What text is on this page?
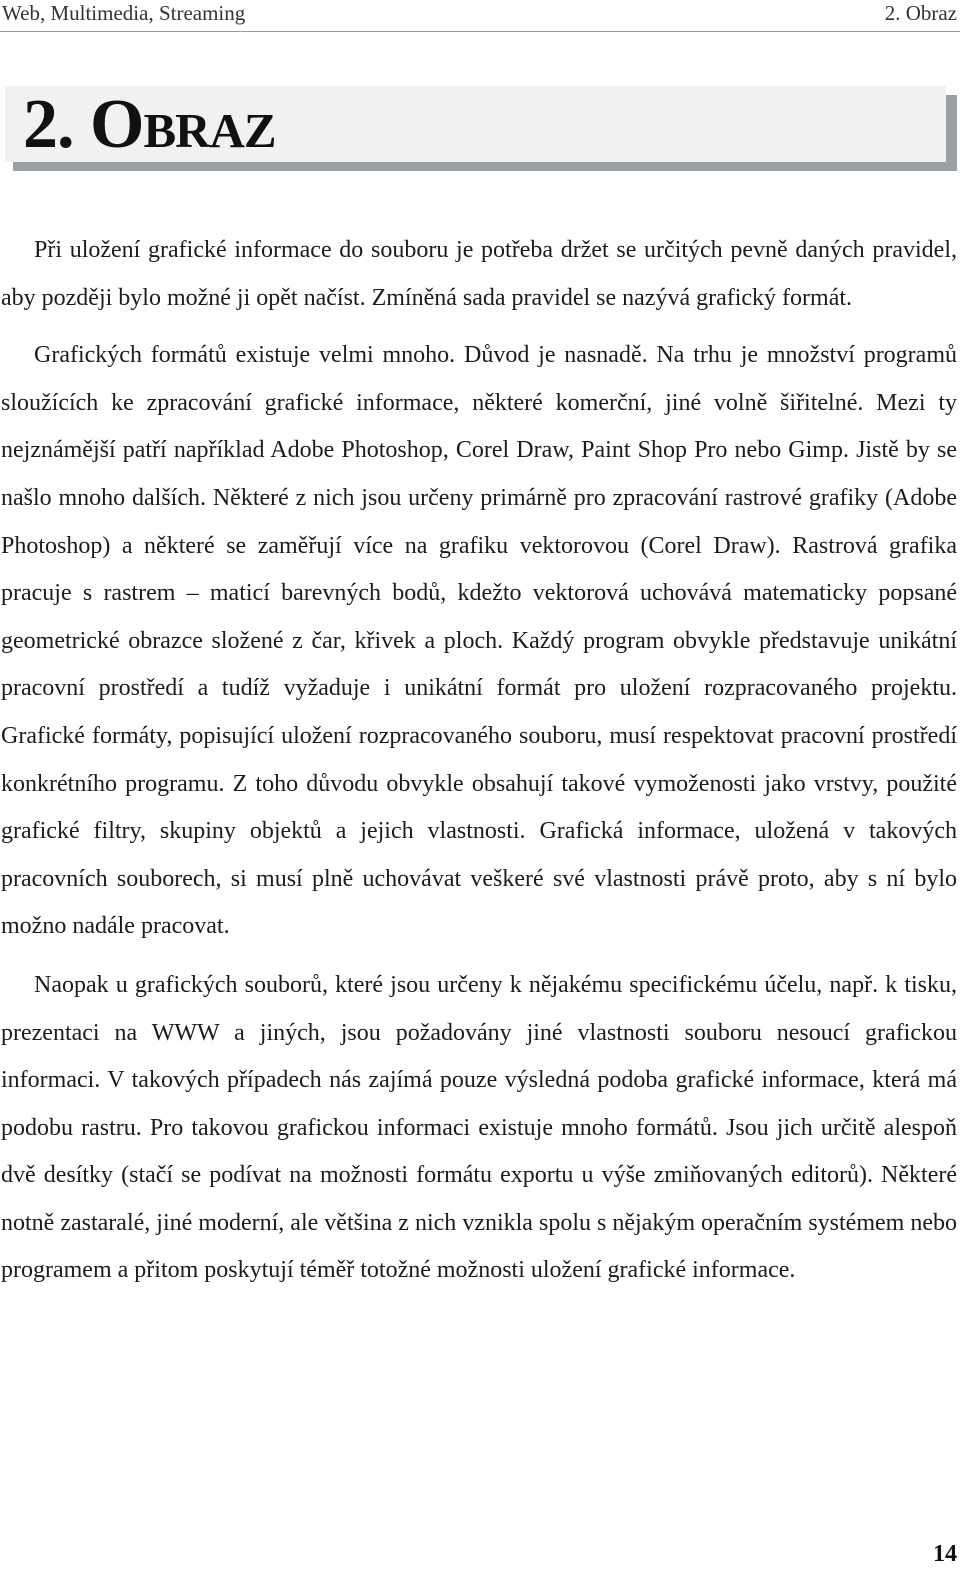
Web, Multimedia, Streaming	2. Obraz
2. Obraz

Při uložení grafické informace do souboru je potřeba držet se určitých pevně daných pravidel, aby později bylo možné ji opět načíst. Zmíněná sada pravidel se nazývá grafický formát.

Grafických formátů existuje velmi mnoho. Důvod je nasnadě. Na trhu je množství programů sloužících ke zpracování grafické informace, některé komerční, jiné volně šiřitelné. Mezi ty nejznámější patří například Adobe Photoshop, Corel Draw, Paint Shop Pro nebo Gimp. Jistě by se našlo mnoho dalších. Některé z nich jsou určeny primárně pro zpracování rastrové grafiky (Adobe Photoshop) a některé se zaměřují více na grafiku vektorovou (Corel Draw). Rastrová grafika pracuje s rastrem – maticí barevných bodů, kdežto vektorová uchovává matematicky popsané geometrické obrazce složené z čar, křivek a ploch. Každý program obvykle představuje unikátní pracovní prostředí a tudíž vyžaduje i unikátní formát pro uložení rozpracovaného projektu. Grafické formáty, popisující uložení rozpracovaného souboru, musí respektovat pracovní prostředí konkrétního programu. Z toho důvodu obvykle obsahují takové vymoženosti jako vrstvy, použité grafické filtry, skupiny objektů a jejich vlastnosti. Grafická informace, uložená v takových pracovních souborech, si musí plně uchovávat veškeré své vlastnosti právě proto, aby s ní bylo možno nadále pracovat.

Naopak u grafických souborů, které jsou určeny k nějakému specifickému účelu, např. k tisku, prezentaci na WWW a jiných, jsou požadovány jiné vlastnosti souboru nesoucí grafickou informaci. V takových případech nás zajímá pouze výsledná podoba grafické informace, která má podobu rastru. Pro takovou grafickou informaci existuje mnoho formátů. Jsou jich určitě alespoň dvě desítky (stačí se podívat na možnosti formátu exportu u výše zmiňovaných editorů). Některé notně zastaralé, jiné moderní, ale většina z nich vznikla spolu s nějakým operačním systémem nebo programem a přitom poskytují téměř totožné možnosti uložení grafické informace.

14
